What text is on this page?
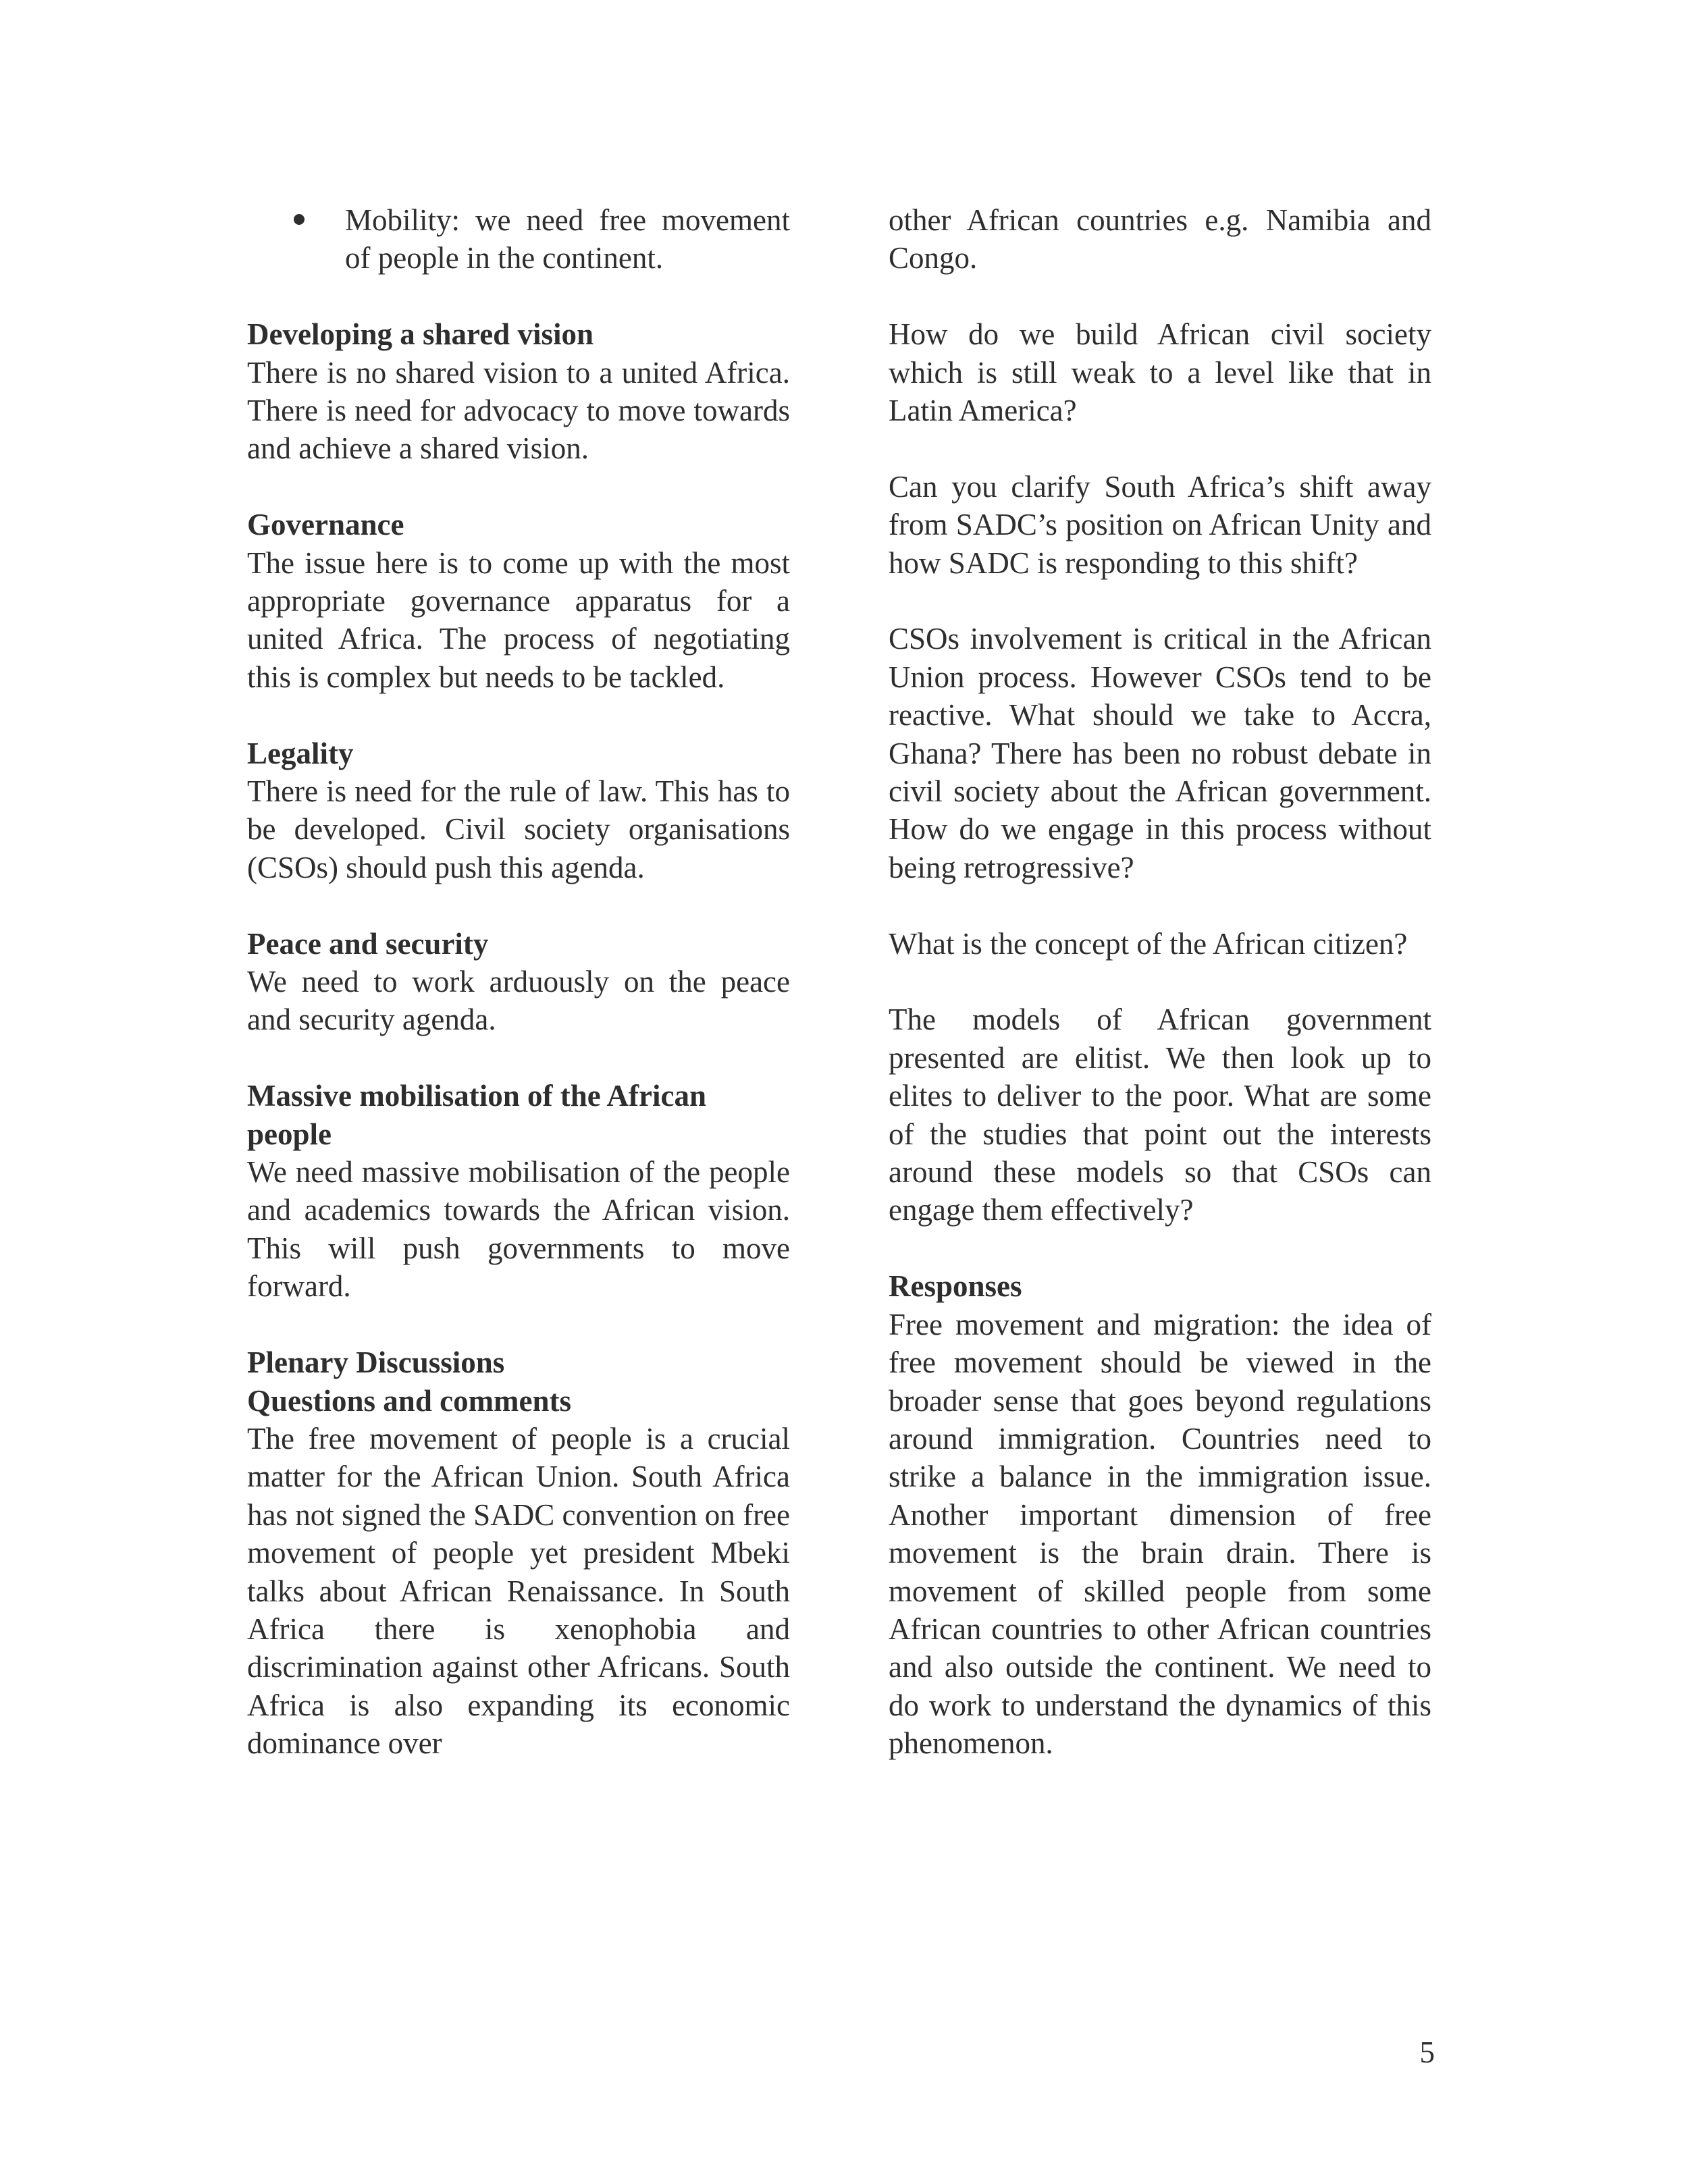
Mobility: we need free movement of people in the continent.
Developing a shared vision
There is no shared vision to a united Africa. There is need for advocacy to move towards and achieve a shared vision.
Governance
The issue here is to come up with the most appropriate governance apparatus for a united Africa. The process of negotiating this is complex but needs to be tackled.
Legality
There is need for the rule of law. This has to be developed. Civil society organisations (CSOs) should push this agenda.
Peace and security
We need to work arduously on the peace and security agenda.
Massive mobilisation of the African people
We need massive mobilisation of the people and academics towards the African vision. This will push governments to move forward.
Plenary Discussions
Questions and comments
The free movement of people is a crucial matter for the African Union. South Africa has not signed the SADC convention on free movement of people yet president Mbeki talks about African Renaissance. In South Africa there is xenophobia and discrimination against other Africans. South Africa is also expanding its economic dominance over

other African countries e.g. Namibia and Congo.

How do we build African civil society which is still weak to a level like that in Latin America?

Can you clarify South Africa’s shift away from SADC’s position on African Unity and how SADC is responding to this shift?

CSOs involvement is critical in the African Union process. However CSOs tend to be reactive. What should we take to Accra, Ghana? There has been no robust debate in civil society about the African government. How do we engage in this process without being retrogressive?

What is the concept of the African citizen?

The models of African government presented are elitist. We then look up to elites to deliver to the poor. What are some of the studies that point out the interests around these models so that CSOs can engage them effectively?

Responses
Free movement and migration: the idea of free movement should be viewed in the broader sense that goes beyond regulations around immigration. Countries need to strike a balance in the immigration issue. Another important dimension of free movement is the brain drain. There is movement of skilled people from some African countries to other African countries and also outside the continent. We need to do work to understand the dynamics of this phenomenon.
5
